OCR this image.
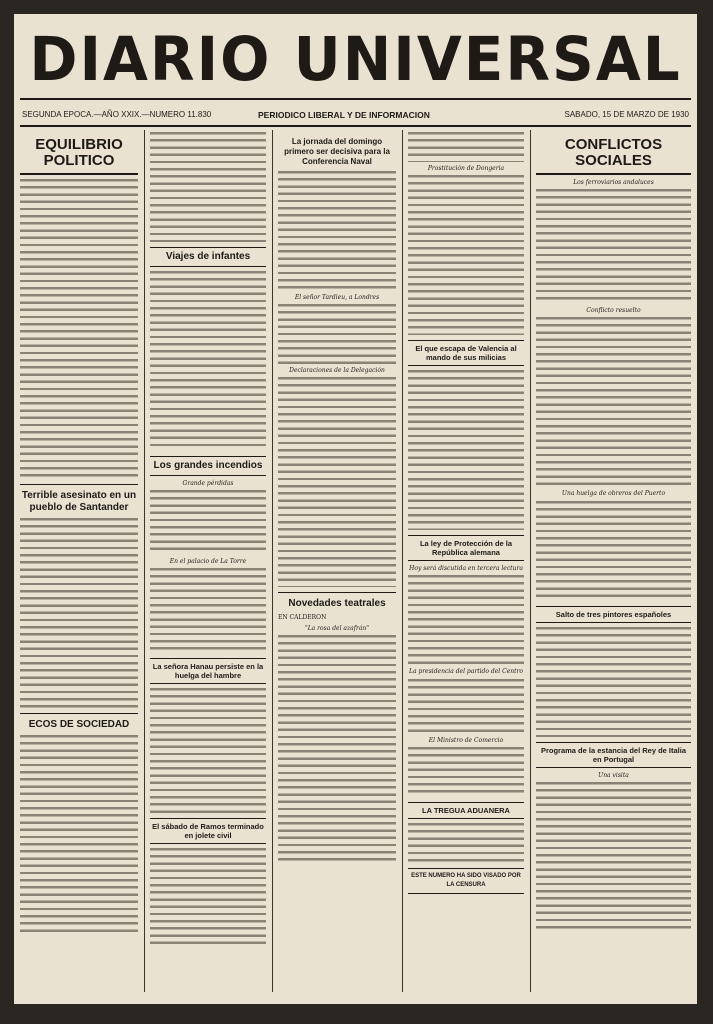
DIARIO UNIVERSAL
SEGUNDA EPOCA.—AÑO XXIX.—NUMERO 11.830	PERIODICO LIBERAL Y DE INFORMACION	SABADO, 15 DE MARZO DE 1930
EQUILIBRIO POLITICO
Terrible asesinato en un pueblo de Santander
ECOS DE SOCIEDAD
Viajes de infantes
Los grandes incendios
Grande pérdidas
En el palacio de La Torre
La señora Hanau persiste en la huelga del hambre
El sábado de Ramos terminado en jolete civil
La jornada del domingo primero ser decisiva para la Conferencia Naval
El señor Tardieu, a Londres
Declaraciones de la Delegación
Novedades teatrales
EN CALDERON
"La rosa del azafrán"
Prostitución de Dongeria
El que escapa de Valencia al mando de sus milicias
La ley de Protección de la República alemana
Hoy será discutida en tercera lectura
La presidencia del partido del Centro
El Ministro de Comercio
LA TREGUA ADUANERA
ESTE NUMERO HA SIDO VISADO POR LA CENSURA
CONFLICTOS SOCIALES
Los ferroviarios andaluces
Conflicto resuelto
Una huelga de obreros del Puerto
Salto de tres pintores españoles
Programa de la estancia del Rey de Italia en Portugal
Una visita
